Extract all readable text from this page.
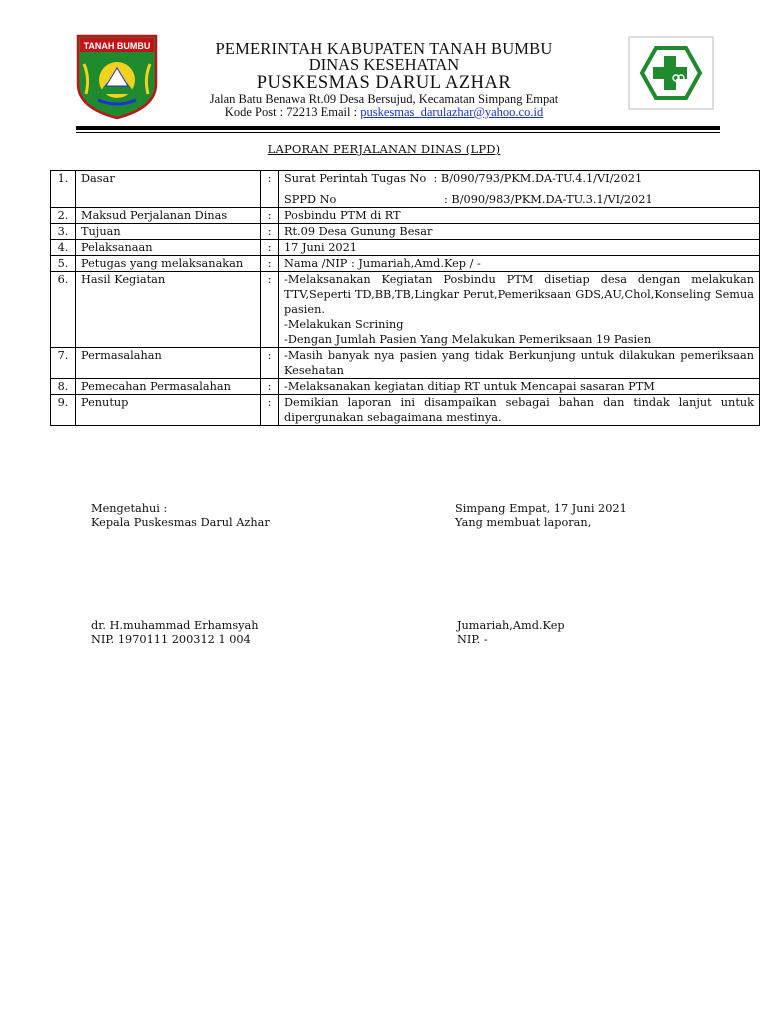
TANAH BUMBU	PEMERINTAH KABUPATEN TANAH BUMBU
DINAS KESEHATAN
PUSKESMAS DARUL AZHAR
Jalan Batu Benawa Rt.09 Desa Bersujud, Kecamatan Simpang Empat
Kode Post : 72213 Email : puskesmas_darulazhar@yahoo.co.id
LAPORAN PERJALANAN DINAS (LPD)
1.	Dasar	:	Surat Perintah Tugas No  : B/090/793/PKM.DA-TU.4.1/VI/2021
SPPD No                              : B/090/983/PKM.DA-TU.3.1/VI/2021

2.	Maksud Perjalanan Dinas	:	Posbindu PTM di RT
3.	Tujuan	:	Rt.09 Desa Gunung Besar
4.	Pelaksanaan	:	17 Juni 2021
5.	Petugas yang melaksanakan	:	Nama /NIP : Jumariah,Amd.Kep / -
6.	Hasil Kegiatan	:	-Melaksanakan Kegiatan Posbindu PTM disetiap desa dengan melakukan TTV,Seperti TD,BB,TB,Lingkar Perut,Pemeriksaan GDS,AU,Chol,Konseling Semua pasien.
-Melakukan Scrining
-Dengan Jumlah Pasien Yang Melakukan Pemeriksaan 19 Pasien

7.	Permasalahan	:	-Masih banyak nya pasien yang tidak Berkunjung untuk dilakukan pemeriksaan Kesehatan
8.	Pemecahan Permasalahan	:	-Melaksanakan kegiatan ditiap RT untuk Mencapai sasaran PTM
9.	Penutup	:	Demikian laporan ini disampaikan sebagai bahan dan tindak lanjut untuk dipergunakan sebagaimana mestinya.
Mengetahui :
Kepala Puskesmas Darul Azhar
dr. H.muhammad Erhamsyah
NIP. 1970111 200312 1 004
Simpang Empat, 17 Juni 2021
Yang membuat laporan,
Jumariah,Amd.Kep
NIP. -
